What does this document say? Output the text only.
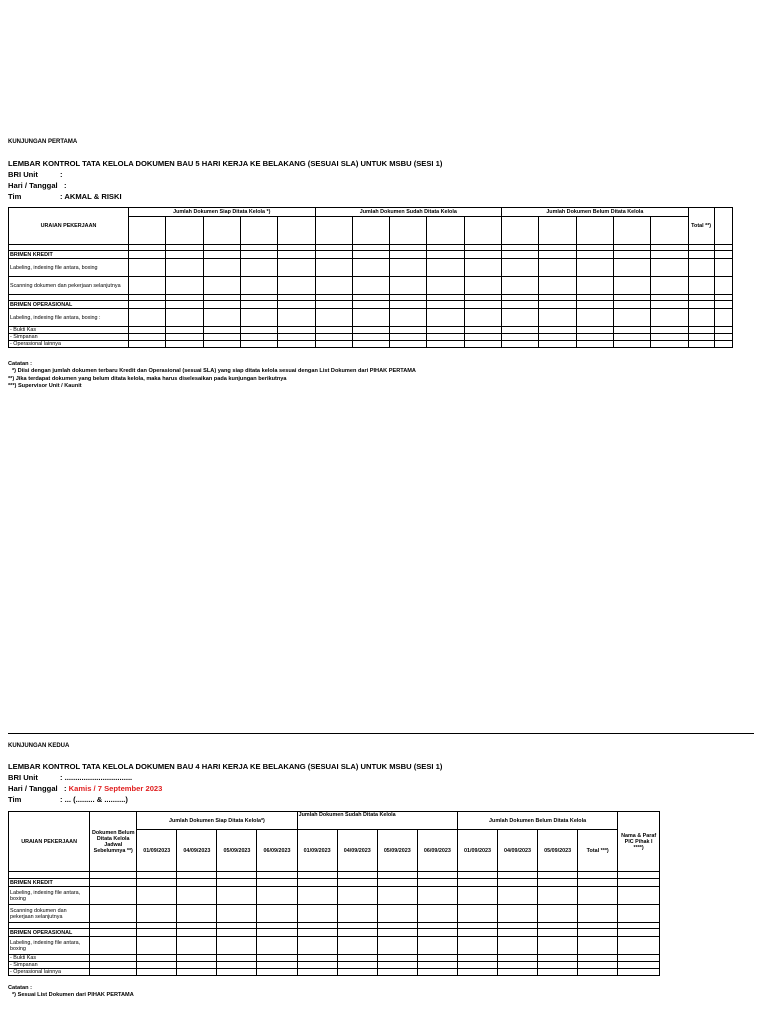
KUNJUNGAN PERTAMA
LEMBAR KONTROL TATA KELOLA DOKUMEN BAU 5 HARI KERJA KE BELAKANG (SESUAI SLA) UNTUK MSBU (SESI 1)
BRI Unit	:
Hari / Tanggal :
Tim	: AKMAL & RISKI
URAIAN PEKERJAAN	Jumlah Dokumen Siap Ditata Kelola *)					Jumlah Dokumen Sudah Ditata Kelola					Jumlah Dokumen Belum Ditata Kelola					Total **)	

BRIMEN KREDIT																	
Labeling, indexing file antara, boxing																	
Scanning dokumen dan pekerjaan selanjutnya																	

BRIMEN OPERASIONAL																	
Labeling, indexing file antara, boxing :																	
- Bukti Kas																	
- Simpanan																	
- Operasional lainnya																	
Catatan :
*) Diisi dengan jumlah dokumen terbaru Kredit dan Operasional (sesuai SLA) yang siap ditata kelola sesuai dengan List Dokumen dari PIHAK PERTAMA
**) Jika terdapat dokumen yang belum ditata kelola, maka harus diselesaikan pada kunjungan berikutnya
***) Supervisor Unit / Kaunit
KUNJUNGAN KEDUA
LEMBAR KONTROL TATA KELOLA DOKUMEN BAU 4 HARI KERJA KE BELAKANG (SESUAI SLA) UNTUK MSBU (SESI 1)
BRI Unit	: ................................
Hari / Tanggal : Kamis / 7 September 2023
Tim	: ... (......... & ..........)
URAIAN PEKERJAAN	Dokumen Belum Ditata Kelola Jadwal Sebelumnya **)	Jumlah Dokumen Siap Ditata Kelola*)				Jumlah Dokumen Sudah Ditata Kelola				Jumlah Dokumen Belum Ditata Kelola				Nama & Paraf PIC Pihak I ****)
		01/09/2023	04/09/2023	05/09/2023	06/09/2023	01/09/2023	04/09/2023	05/09/2023	06/09/2023	01/09/2023	04/09/2023	05/09/2023	Total ***)	

BRIMEN KREDIT														
Labeling, indexing file antara, boxing														
Scanning dokumen dan pekerjaan selanjutnya														

BRIMEN OPERASIONAL														
Labeling, indexing file antara, boxing														
- Bukti Kas														
- Simpanan														
- Operasional lainnya														
Catatan :
*) Sesuai List Dokumen dari PIHAK PERTAMA
